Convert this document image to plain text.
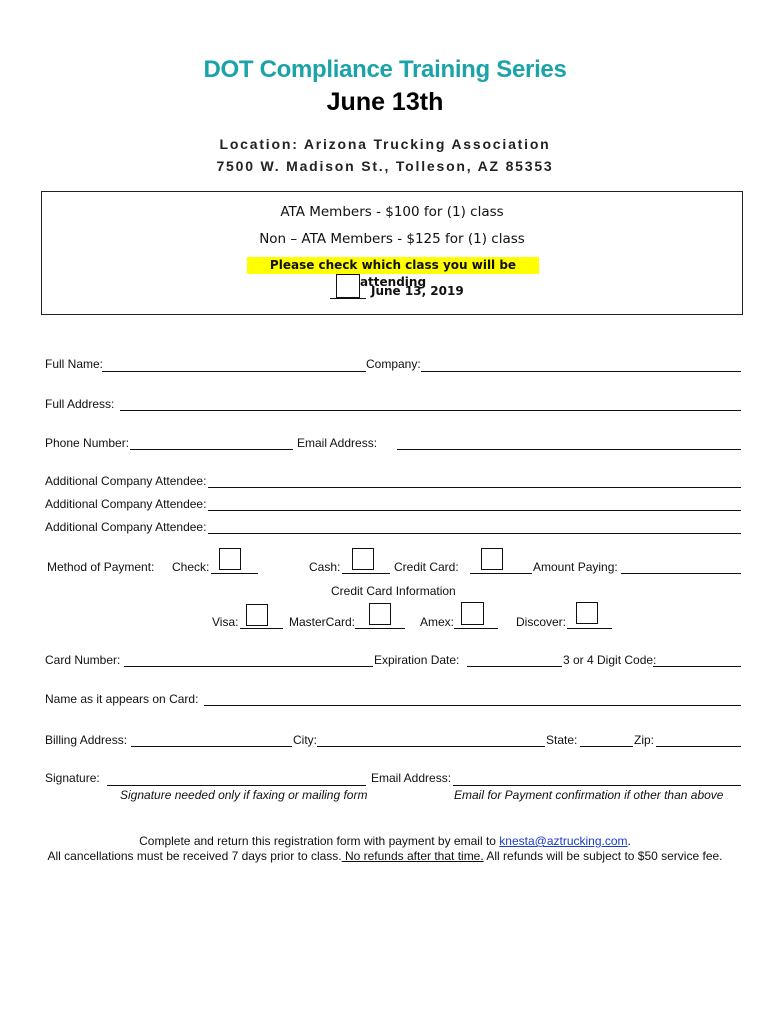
DOT Compliance Training Series
June 13th
Location: Arizona Trucking Association
7500 W. Madison St., Tolleson, AZ 85353
ATA Members - $100 for (1) class
Non – ATA Members - $125 for (1) class
Please check which class you will be attending
June 13, 2019
Full Name:	Company:
Full Address:
Phone Number:	Email Address:
Additional Company Attendee:
Additional Company Attendee:
Additional Company Attendee:
Method of Payment: Check:	Cash:	Credit Card:	Amount Paying:
Credit Card Information
Visa:	MasterCard:	Amex:	Discover:
Card Number:	Expiration Date:	3 or 4 Digit Code:
Name as it appears on Card:
Billing Address:	City:	State:	Zip:
Signature:	Email Address:
Signature needed only if faxing or mailing form	Email for Payment confirmation if other than above
Complete and return this registration form with payment by email to knesta@aztrucking.com.
All cancellations must be received 7 days prior to class. No refunds after that time. All refunds will be subject to $50 service fee.
